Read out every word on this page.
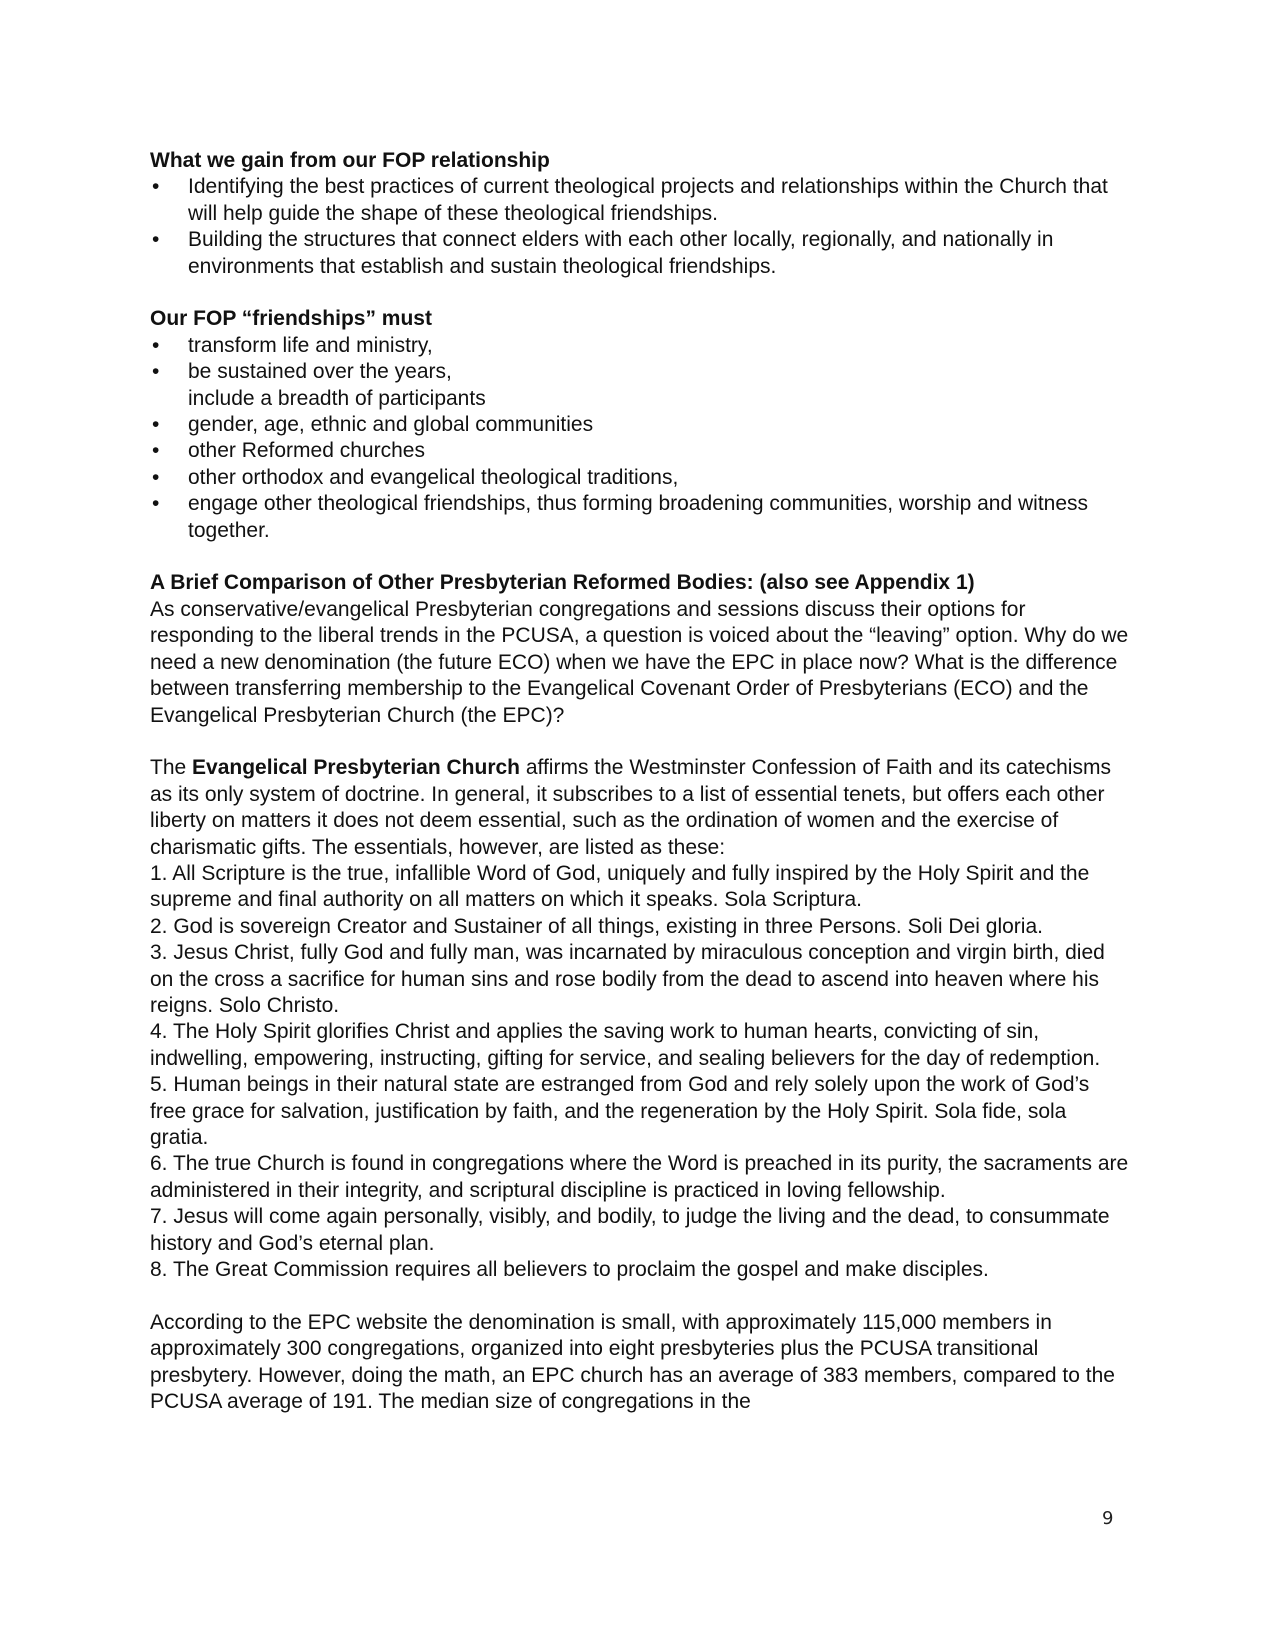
What we gain from our FOP relationship

• Identifying the best practices of current theological projects and relationships within the Church that will help guide the shape of these theological friendships.
• Building the structures that connect elders with each other locally, regionally, and nationally in environments that establish and sustain theological friendships.

Our FOP “friendships” must

• transform life and ministry,
• be sustained over the years,
include a breadth of participants
• gender, age, ethnic and global communities
• other Reformed churches
• other orthodox and evangelical theological traditions,
• engage other theological friendships, thus forming broadening communities, worship and witness together.

A Brief Comparison of Other Presbyterian Reformed Bodies: (also see Appendix 1)

As conservative/evangelical Presbyterian congregations and sessions discuss their options for responding to the liberal trends in the PCUSA, a question is voiced about the “leaving” option. Why do we need a new denomination (the future ECO) when we have the EPC in place now? What is the difference between transferring membership to the Evangelical Covenant Order of Presbyterians (ECO) and the Evangelical Presbyterian Church (the EPC)?

The Evangelical Presbyterian Church affirms the Westminster Confession of Faith and its catechisms as its only system of doctrine. In general, it subscribes to a list of essential tenets, but offers each other liberty on matters it does not deem essential, such as the ordination of women and the exercise of charismatic gifts. The essentials, however, are listed as these:

1. All Scripture is the true, infallible Word of God, uniquely and fully inspired by the Holy Spirit and the supreme and final authority on all matters on which it speaks. Sola Scriptura.

2. God is sovereign Creator and Sustainer of all things, existing in three Persons. Soli Dei gloria.

3. Jesus Christ, fully God and fully man, was incarnated by miraculous conception and virgin birth, died on the cross a sacrifice for human sins and rose bodily from the dead to ascend into heaven where his reigns. Solo Christo.

4. The Holy Spirit glorifies Christ and applies the saving work to human hearts, convicting of sin, indwelling, empowering, instructing, gifting for service, and sealing believers for the day of redemption.

5. Human beings in their natural state are estranged from God and rely solely upon the work of God’s free grace for salvation, justification by faith, and the regeneration by the Holy Spirit. Sola fide, sola gratia.

6. The true Church is found in congregations where the Word is preached in its purity, the sacraments are administered in their integrity, and scriptural discipline is practiced in loving fellowship.

7. Jesus will come again personally, visibly, and bodily, to judge the living and the dead, to consummate history and God’s eternal plan.

8. The Great Commission requires all believers to proclaim the gospel and make disciples.

According to the EPC website the denomination is small, with approximately 115,000 members in approximately 300 congregations, organized into eight presbyteries plus the PCUSA transitional presbytery. However, doing the math, an EPC church has an average of 383 members, compared to the PCUSA average of 191. The median size of congregations in the

9
